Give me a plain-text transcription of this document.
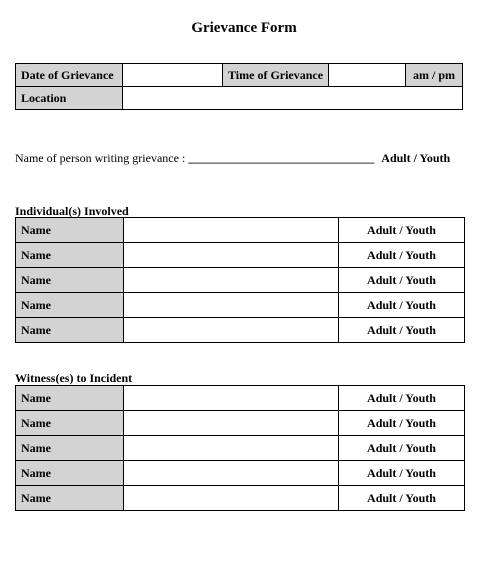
Grievance Form
Date of Grievance		Time of Grievance		am / pm
Location				
Name of person writing grievance : _______________________________ Adult / Youth
Individual(s) Involved
Name		Adult / Youth
Name		Adult / Youth
Name		Adult / Youth
Name		Adult / Youth
Name		Adult / Youth
Witness(es) to Incident
Name		Adult / Youth
Name		Adult / Youth
Name		Adult / Youth
Name		Adult / Youth
Name		Adult / Youth
